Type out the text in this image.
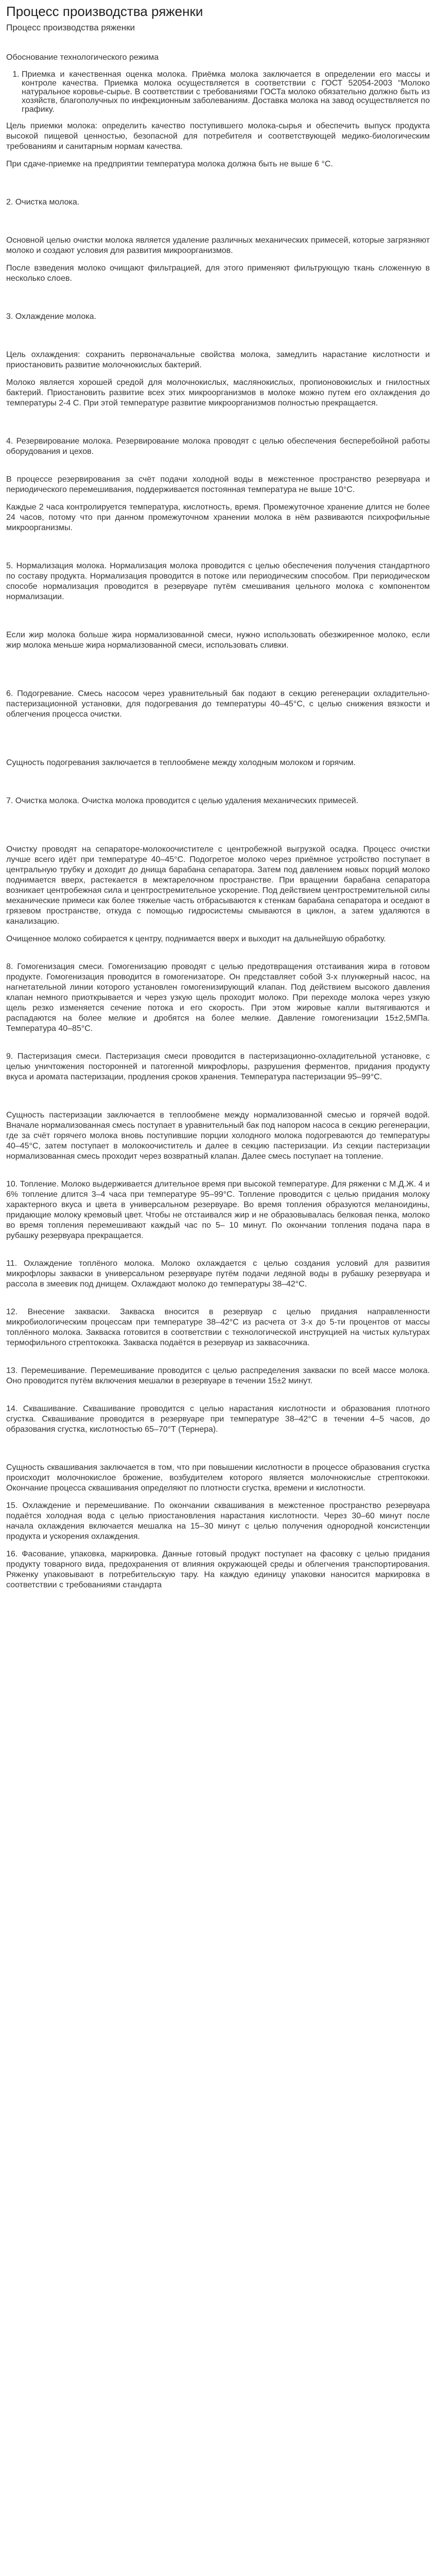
Процесс производства ряженки
Процесс производства ряженки
Обоснование технологического режима
1. Приемка и качественная оценка молока. Приёмка молока заключается в определении его массы и контроле качества. Приемка молока осуществляется в соответствии с ГОСТ 52054-2003 “Молоко натуральное коровье-сырье. В соответствии с требованиями ГОСТа молоко обязательно должно быть из хозяйств, благополучных по инфекционным заболеваниям. Доставка молока на завод осуществляется по графику.

Цель приемки молока: определить качество поступившего молока-сырья и обеспечить выпуск продукта высокой пищевой ценностью, безопасной для потребителя и соответствующей медико-биологическим требованиям и санитарным нормам качества.

При сдаче-приемке на предприятии температура молока должна быть не выше 6 °С.

2. Очистка молока.

Основной целью очистки молока является удаление различных механических примесей, которые загрязняют молоко и создают условия для развития микроорганизмов.

После взведения молоко очищают фильтрацией, для этого применяют фильтрующую ткань сложенную в несколько слоев.

3. Охлаждение молока.

Цель охлаждения: сохранить первоначальные свойства молока, замедлить нарастание кислотности и приостановить развитие молочнокислых бактерий.

Молоко является хорошей средой для молочнокислых, маслянокислых, пропионовокислых и гнилостных бактерий. Приостановить развитие всех этих микроорганизмов в молоке можно путем его охлаждения до температуры 2-4 С. При этой температуре развитие микроорганизмов полностью прекращается.

4. Резервирование молока. Резервирование молока проводят с целью обеспечения бесперебойной работы оборудования и цехов.

В процессе резервирования за счёт подачи холодной воды в межстенное пространство резервуара и периодического перемешивания, поддерживается постоянная температура не выше 10°С.

Каждые 2 часа контролируется температура, кислотность, время. Промежуточное хранение длится не более 24 часов, потому что при данном промежуточном хранении молока в нём развиваются психрофильные микроорганизмы.

5. Нормализация молока. Нормализация молока проводится с целью обеспечения получения стандартного по составу продукта. Нормализация проводится в потоке или периодическим способом. При периодическом способе нормализация проводится в резервуаре путём смешивания цельного молока с компонентом нормализации.

Если жир молока больше жира нормализованной смеси, нужно использовать обезжиренное молоко, если жир молока меньше жира нормализованной смеси, использовать сливки.

6. Подогревание. Смесь насосом через уравнительный бак подают в секцию регенерации охладительно-пастеризационной установки, для подогревания до температуры 40–45°С, с целью снижения вязкости и облегчения процесса очистки.

Сущность подогревания заключается в теплообмене между холодным молоком и горячим.

7. Очистка молока. Очистка молока проводится с целью удаления механических примесей.

Очистку проводят на сепараторе-молокоочистителе с центробежной выгрузкой осадка. Процесс очистки лучше всего идёт при температуре 40–45°С. Подогретое молоко через приёмное устройство поступает в центральную трубку и доходит до днища барабана сепаратора. Затем под давлением новых порций молоко поднимается вверх, растекается в межтарелочном пространстве. При вращении барабана сепаратора возникает центробежная сила и центростремительное ускорение. Под действием центростремительной силы механические примеси как более тяжелые часть отбрасываются к стенкам барабана сепаратора и оседают в грязевом пространстве, откуда с помощью гидросистемы смываются в циклон, а затем удаляются в канализацию.

Очищенное молоко собирается к центру, поднимается вверх и выходит на дальнейшую обработку.

8. Гомогенизация смеси. Гомогенизацию проводят с целью предотвращения отстаивания жира в готовом продукте. Гомогенизация проводится в гомогенизаторе. Он представляет собой 3-х плунжерный насос, на нагнетательной линии которого установлен гомогенизирующий клапан. Под действием высокого давления клапан немного приоткрывается и через узкую щель проходит молоко. При переходе молока через узкую щель резко изменяется сечение потока и его скорость. При этом жировые капли вытягиваются и распадаются на более мелкие и дробятся на более мелкие. Давление гомогенизации 15±2,5МПа. Температура 40–85°С.

9. Пастеризация смеси. Пастеризация смеси проводится в пастеризационно-охладительной установке, с целью уничтожения посторонней и патогенной микрофлоры, разрушения ферментов, придания продукту вкуса и аромата пастеризации, продления сроков хранения. Температура пастеризации 95–99°С.

Сущность пастеризации заключается в теплообмене между нормализованной смесью и горячей водой. Вначале нормализованная смесь поступает в уравнительный бак под напором насоса в секцию регенерации, где за счёт горячего молока вновь поступившие порции холодного молока подогреваются до температуры 40–45°С, затем поступает в молокоочиститель и далее в секцию пастеризации. Из секции пастеризации нормализованная смесь проходит через возвратный клапан. Далее смесь поступает на топление.

10. Топление. Молоко выдерживается длительное время при высокой температуре. Для ряженки с М.Д.Ж. 4 и 6% топление длится 3–4 часа при температуре 95–99°С. Топление проводится с целью придания молоку характерного вкуса и цвета в универсальном резервуаре. Во время топления образуются меланоидины, придающие молоку кремовый цвет. Чтобы не отстаивался жир и не образовывалась белковая пенка, молоко во время топления перемешивают каждый час по 5– 10 минут. По окончании топления подача пара в рубашку резервуара прекращается.

11. Охлаждение топлёного молока. Молоко охлаждается с целью создания условий для развития микрофлоры закваски в универсальном резервуаре путём подачи ледяной воды в рубашку резервуара и рассола в змеевик под днищем. Охлаждают молоко до температуры 38–42°С.

12. Внесение закваски. Закваска вносится в резервуар с целью придания направленности микробиологическим процессам при температуре 38–42°С из расчета от 3-х до 5-ти процентов от массы топлённого молока. Закваска готовится в соответствии с технологической инструкцией на чистых культурах термофильного стрептококка. Закваска подаётся в резервуар из заквасочника.

13. Перемешивание. Перемешивание проводится с целью распределения закваски по всей массе молока. Оно проводится путём включения мешалки в резервуаре в течении 15±2 минут.

14. Сквашивание. Сквашивание проводится с целью нарастания кислотности и образования плотного сгустка. Сквашивание проводится в резервуаре при температуре 38–42°С в течении 4–5 часов, до образования сгустка, кислотностью 65–70°Т (Тернера).

Сущность сквашивания заключается в том, что при повышении кислотности в процессе образования сгустка происходит молочнокислое брожение, возбудителем которого является молочнокислые стрептококки. Окончание процесса сквашивания определяют по плотности сгустка, времени и кислотности.

15. Охлаждение и перемешивание. По окончании сквашивания в межстенное пространство резервуара подаётся холодная вода с целью приостановления нарастания кислотности. Через 30–60 минут после начала охлаждения включается мешалка на 15–30 минут с целью получения однородной консистенции продукта и ускорения охлаждения.

16. Фасование, упаковка, маркировка. Данные готовый продукт поступает на фасовку с целью придания продукту товарного вида, предохранения от влияния окружающей среды и облегчения транспортирования. Ряженку упаковывают в потребительскую тару. На каждую единицу упаковки наносится маркировка в соответствии с требованиями стандарта
